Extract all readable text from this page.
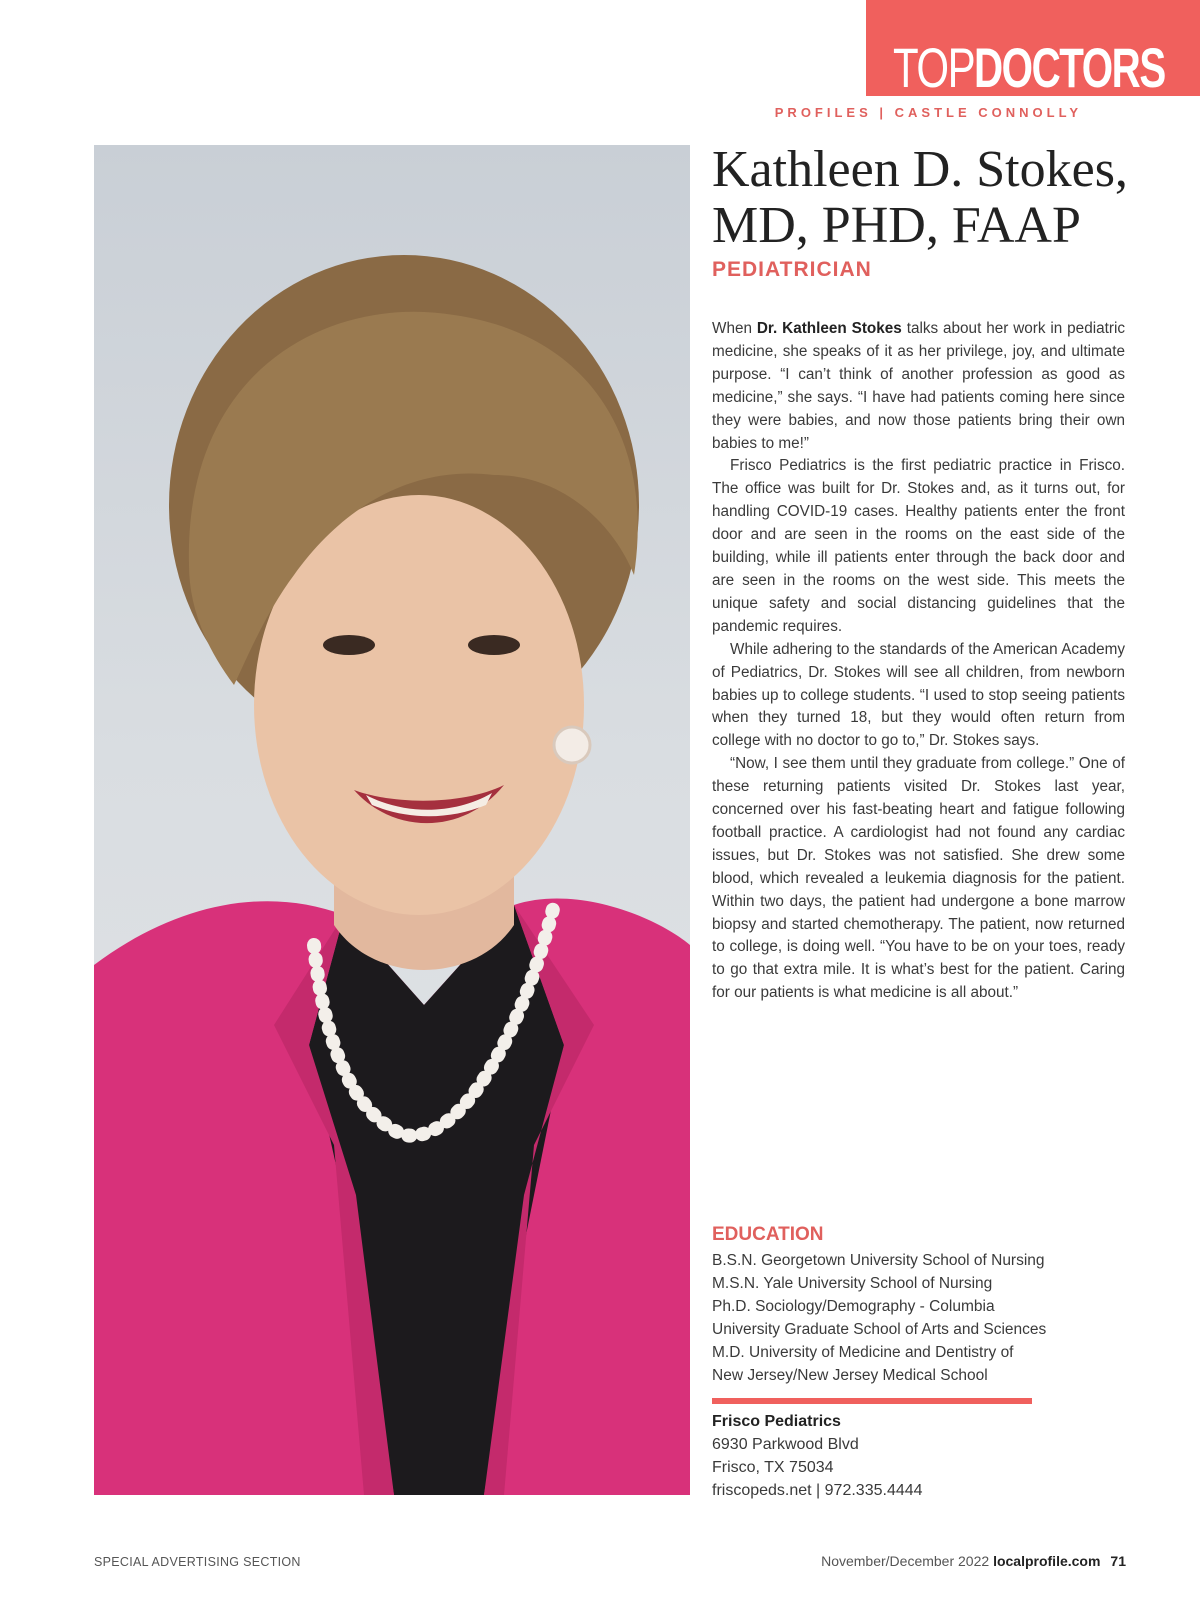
TOPDOCTORS
PROFILES | CASTLE CONNOLLY
Kathleen D. Stokes,
MD, PHD, FAAP
PEDIATRICIAN

When Dr. Kathleen Stokes talks about her work in pediatric medicine, she speaks of it as her privilege, joy, and ultimate purpose. “I can’t think of another profession as good as medicine,” she says. “I have had patients coming here since they were babies, and now those patients bring their own babies to me!”

Frisco Pediatrics is the first pediatric practice in Frisco. The office was built for Dr. Stokes and, as it turns out, for handling COVID-19 cases. Healthy patients enter the front door and are seen in the rooms on the east side of the building, while ill patients enter through the back door and are seen in the rooms on the west side. This meets the unique safety and social distancing guidelines that the pandemic requires.

While adhering to the standards of the American Academy of Pediatrics, Dr. Stokes will see all children, from newborn babies up to college students. “I used to stop seeing patients when they turned 18, but they would often return from college with no doctor to go to,” Dr. Stokes says.

“Now, I see them until they graduate from college.” One of these returning patients visited Dr. Stokes last year, concerned over his fast-beating heart and fatigue following football practice. A cardiologist had not found any cardiac issues, but Dr. Stokes was not satisfied. She drew some blood, which revealed a leukemia diagnosis for the patient. Within two days, the patient had undergone a bone marrow biopsy and started chemotherapy. The patient, now returned to college, is doing well. “You have to be on your toes, ready to go that extra mile. It is what’s best for the patient. Caring for our patients is what medicine is all about.”

EDUCATION
B.S.N. Georgetown University School of Nursing
M.S.N. Yale University School of Nursing
Ph.D. Sociology/Demography - Columbia
University Graduate School of Arts and Sciences
M.D. University of Medicine and Dentistry of
New Jersey/New Jersey Medical School
Frisco Pediatrics
6930 Parkwood Blvd
Frisco, TX 75034
friscopeds.net | 972.335.4444
SPECIAL ADVERTISING SECTION	November/December 2022 localprofile.com 71
